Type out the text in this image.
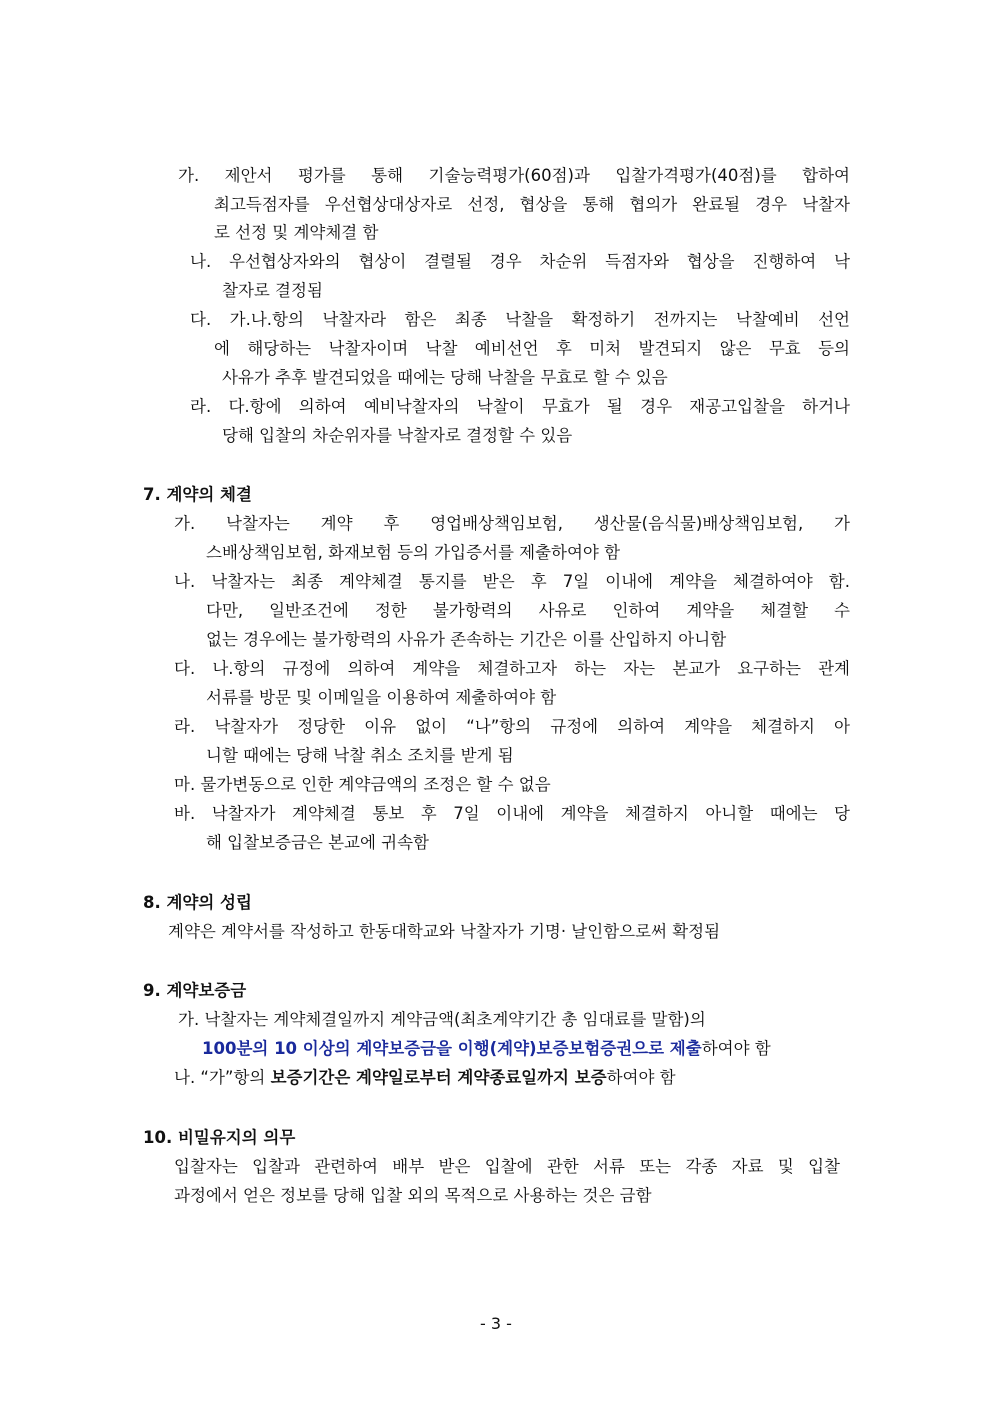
가. 제안서 평가를 통해 기술능력평가(60점)과 입찰가격평가(40점)를 합하여
최고득점자를 우선협상대상자로 선정, 협상을 통해 협의가 완료될 경우 낙찰자
로 선정 및 계약체결 함
나. 우선협상자와의 협상이 결렬될 경우 차순위 득점자와 협상을 진행하여 낙
찰자로 결정됨
다. 가.나.항의 낙찰자라 함은 최종 낙찰을 확정하기 전까지는 낙찰예비 선언
에 해당하는 낙찰자이며 낙찰 예비선언 후 미처 발견되지 않은 무효 등의
사유가 추후 발견되었을 때에는 당해 낙찰을 무효로 할 수 있음
라. 다.항에 의하여 예비낙찰자의 낙찰이 무효가 될 경우 재공고입찰을 하거나
당해 입찰의 차순위자를 낙찰자로 결정할 수 있음
7. 계약의 체결
가. 낙찰자는 계약 후 영업배상책임보험, 생산물(음식물)배상책임보험, 가
스배상책임보험, 화재보험 등의 가입증서를 제출하여야 함
나. 낙찰자는 최종 계약체결 통지를 받은 후 7일 이내에 계약을 체결하여야 함.
다만, 일반조건에 정한 불가항력의 사유로 인하여 계약을 체결할 수
없는 경우에는 불가항력의 사유가 존속하는 기간은 이를 산입하지 아니함
다. 나.항의 규정에 의하여 계약을 체결하고자 하는 자는 본교가 요구하는 관계
서류를 방문 및 이메일을 이용하여 제출하여야 함
라. 낙찰자가 정당한 이유 없이 “나”항의 규정에 의하여 계약을 체결하지 아
니할 때에는 당해 낙찰 취소 조치를 받게 됨
마. 물가변동으로 인한 계약금액의 조정은 할 수 없음
바. 낙찰자가 계약체결 통보 후 7일 이내에 계약을 체결하지 아니할 때에는 당
해 입찰보증금은 본교에 귀속함
8. 계약의 성립
계약은 계약서를 작성하고 한동대학교와 낙찰자가 기명· 날인함으로써 확정됨
9. 계약보증금
가. 낙찰자는 계약체결일까지 계약금액(최초계약기간 총 임대료를 말함)의
100분의 10 이상의 계약보증금을 이행(계약)보증보험증권으로 제출하여야 함
나. “가”항의 보증기간은 계약일로부터 계약종료일까지 보증하여야 함
10. 비밀유지의 의무
입찰자는 입찰과 관련하여 배부 받은 입찰에 관한 서류 또는 각종 자료 및 입찰
과정에서 얻은 정보를 당해 입찰 외의 목적으로 사용하는 것은 금함
- 3 -
